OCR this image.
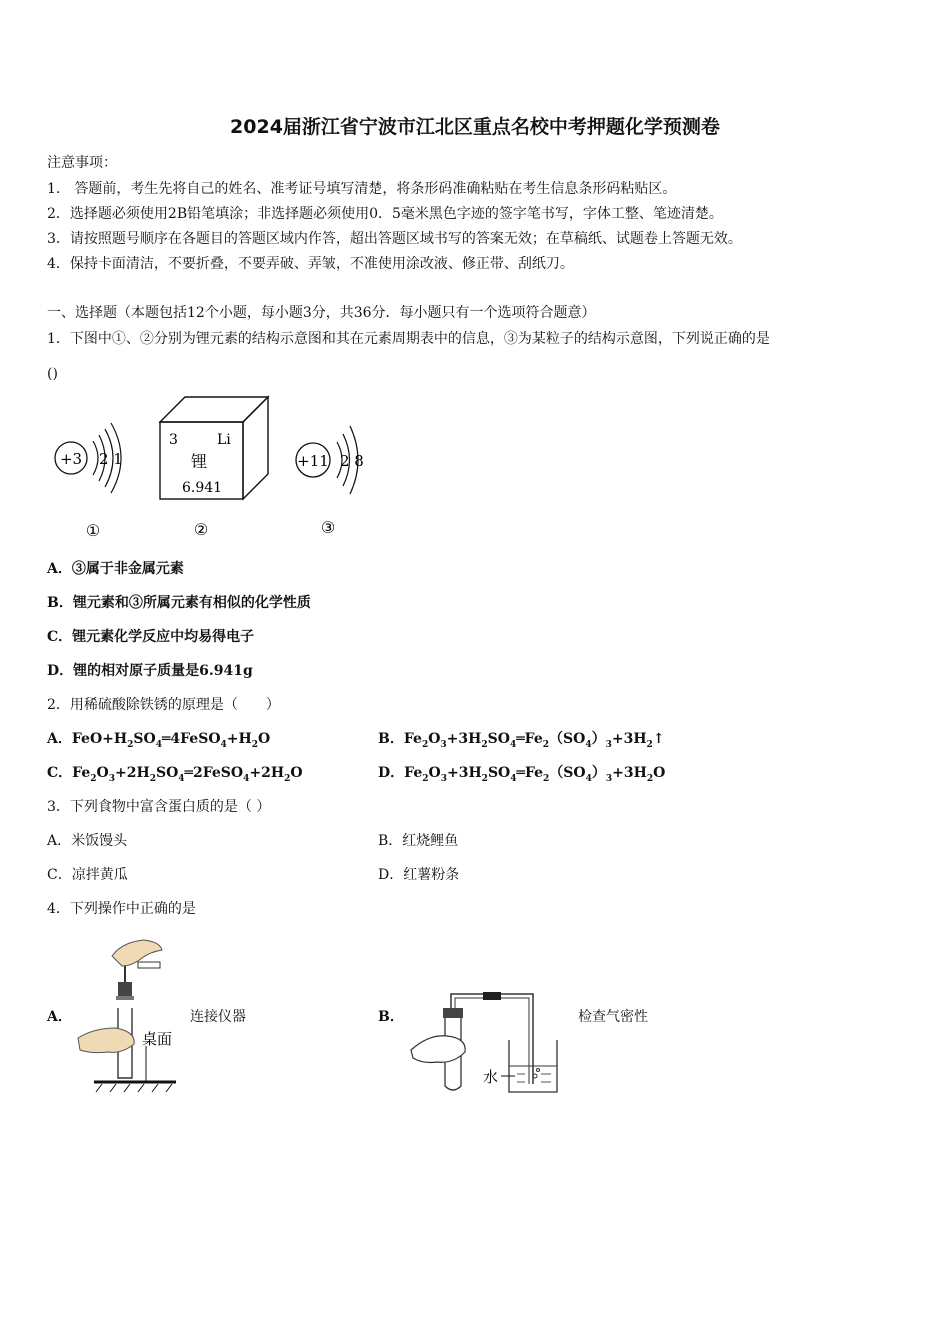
2024届浙江省宁波市江北区重点名校中考押题化学预测卷
注意事项：
1.　答题前，考生先将自己的姓名、准考证号填写清楚，将条形码准确粘贴在考生信息条形码粘贴区。
2．选择题必须使用2B铅笔填涂；非选择题必须使用0．5毫米黑色字迹的签字笔书写，字体工整、笔迹清楚。
3．请按照题号顺序在各题目的答题区域内作答，超出答题区域书写的答案无效；在草稿纸、试题卷上答题无效。
4．保持卡面清洁，不要折叠，不要弄破、弄皱，不准使用涂改液、修正带、刮纸刀。
一、选择题（本题包括12个小题，每小题3分，共36分．每小题只有一个选项符合题意）
1．下图中①、②分别为锂元素的结构示意图和其在元素周期表中的信息，③为某粒子的结构示意图，下列说正确的是
()
+3 2 1
①
3	Li
锂
6.941
②
+11 2 8
③
A．③属于非金属元素
B．锂元素和③所属元素有相似的化学性质
C．锂元素化学反应中均易得电子
D．锂的相对原子质量是6.941g
2．用稀硫酸除铁锈的原理是（　　）
A．$FeO+H_2SO_4═4FeSO_4+H_2O$	B．$Fe_2O_3+3H_2SO_4═Fe_2(SO_4)_3+3H_2↑$
C．$Fe_2O_3+2H_2SO_4═2FeSO_4+2H_2O$	D．$Fe_2O_3+3H_2SO_4═Fe_2(SO_4)_3+3H_2O$
3．下列食物中富含蛋白质的是（ ）
A．米饭馒头	B．红烧鲤鱼
C．凉拌黄瓜	D．红薯粉条
4．下列操作中正确的是
A．
桌面
连接仪器	B．
水
检查气密性
